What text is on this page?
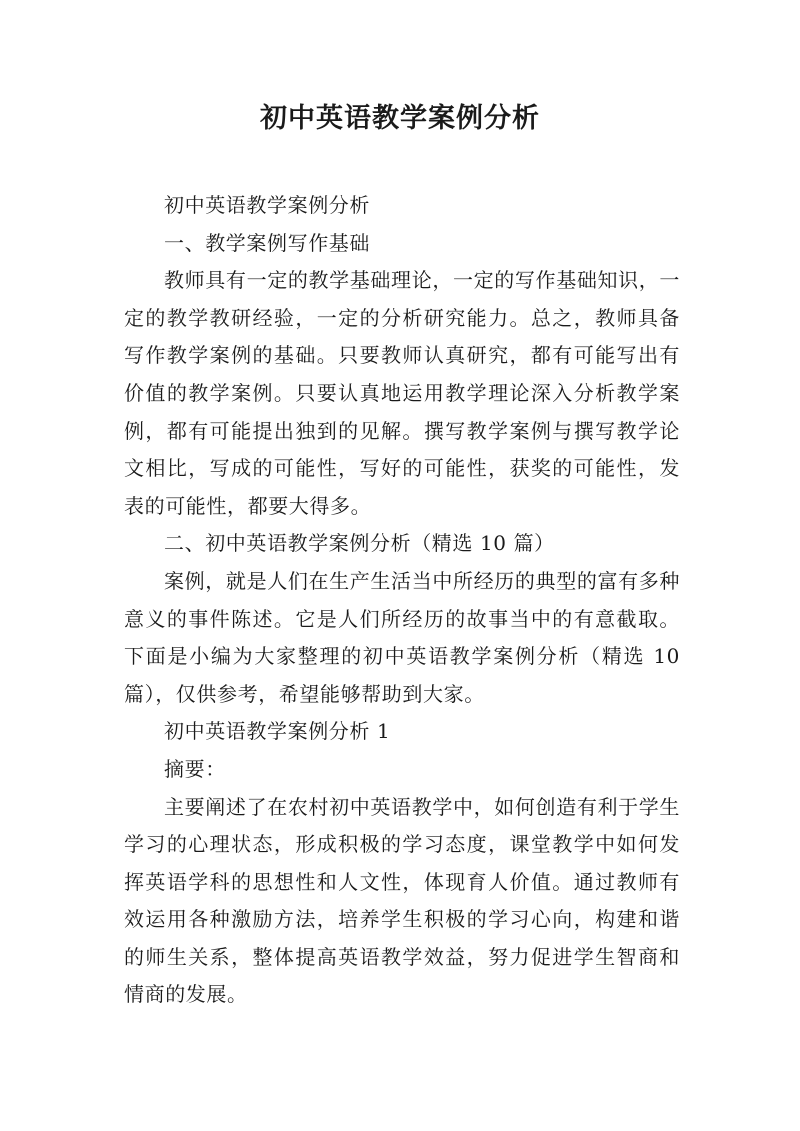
初中英语教学案例分析

初中英语教学案例分析

一、教学案例写作基础

教师具有一定的教学基础理论，一定的写作基础知识，一定的教学教研经验，一定的分析研究能力。总之，教师具备写作教学案例的基础。只要教师认真研究，都有可能写出有价值的教学案例。只要认真地运用教学理论深入分析教学案例，都有可能提出独到的见解。撰写教学案例与撰写教学论文相比，写成的可能性，写好的可能性，获奖的可能性，发表的可能性，都要大得多。

二、初中英语教学案例分析（精选 10 篇）

案例，就是人们在生产生活当中所经历的典型的富有多种意义的事件陈述。它是人们所经历的故事当中的有意截取。下面是小编为大家整理的初中英语教学案例分析（精选 10 篇），仅供参考，希望能够帮助到大家。

初中英语教学案例分析 1

摘要：

主要阐述了在农村初中英语教学中，如何创造有利于学生学习的心理状态，形成积极的学习态度，课堂教学中如何发挥英语学科的思想性和人文性，体现育人价值。通过教师有效运用各种激励方法，培养学生积极的学习心向，构建和谐的师生关系，整体提高英语教学效益，努力促进学生智商和情商的发展。
